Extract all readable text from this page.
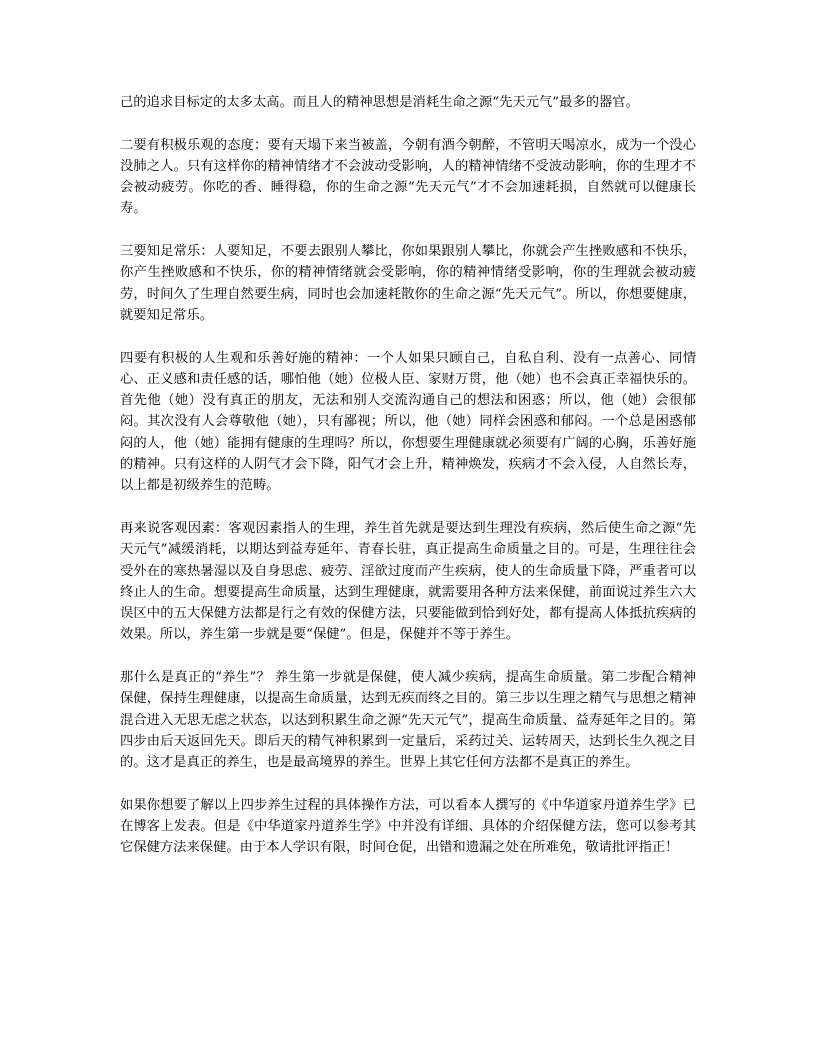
己的追求目标定的太多太高。而且人的精神思想是消耗生命之源“先天元气”最多的器官。

二要有积极乐观的态度：要有天塌下来当被盖，今朝有酒今朝醉，不管明天喝凉水，成为一个没心没肺之人。只有这样你的精神情绪才不会波动受影响，人的精神情绪不受波动影响，你的生理才不会被动疲劳。你吃的香、睡得稳，你的生命之源“先天元气”才不会加速耗损，自然就可以健康长寿。

三要知足常乐：人要知足，不要去跟别人攀比，你如果跟别人攀比，你就会产生挫败感和不快乐，你产生挫败感和不快乐，你的精神情绪就会受影响，你的精神情绪受影响，你的生理就会被动疲劳，时间久了生理自然要生病，同时也会加速耗散你的生命之源“先天元气”。所以，你想要健康，就要知足常乐。

四要有积极的人生观和乐善好施的精神：一个人如果只顾自己，自私自利、没有一点善心、同情心、正义感和责任感的话，哪怕他（她）位极人臣、家财万贯，他（她）也不会真正幸福快乐的。首先他（她）没有真正的朋友，无法和别人交流沟通自己的想法和困惑；所以，他（她）会很郁闷。其次没有人会尊敬他（她），只有鄙视；所以，他（她）同样会困惑和郁闷。一个总是困惑郁闷的人，他（她）能拥有健康的生理吗？所以，你想要生理健康就必须要有广阔的心胸，乐善好施的精神。只有这样的人阴气才会下降，阳气才会上升，精神焕发，疾病才不会入侵，人自然长寿，以上都是初级养生的范畴。

再来说客观因素：客观因素指人的生理，养生首先就是要达到生理没有疾病，然后使生命之源“先天元气”减缓消耗，以期达到益寿延年、青春长驻，真正提高生命质量之目的。可是，生理往往会受外在的寒热暑湿以及自身思虑、疲劳、淫欲过度而产生疾病，使人的生命质量下降，严重者可以终止人的生命。想要提高生命质量，达到生理健康，就需要用各种方法来保健，前面说过养生六大误区中的五大保健方法都是行之有效的保健方法，只要能做到恰到好处，都有提高人体抵抗疾病的效果。所以，养生第一步就是要“保健”。但是，保健并不等于养生。

那什么是真正的“养生”？ 养生第一步就是保健，使人减少疾病，提高生命质量。第二步配合精神保健，保持生理健康，以提高生命质量，达到无疾而终之目的。第三步以生理之精气与思想之精神混合进入无思无虑之状态，以达到积累生命之源“先天元气”，提高生命质量、益寿延年之目的。第四步由后天返回先天。即后天的精气神积累到一定量后，采药过关、运转周天，达到长生久视之目的。这才是真正的养生，也是最高境界的养生。世界上其它任何方法都不是真正的养生。

如果你想要了解以上四步养生过程的具体操作方法，可以看本人撰写的《中华道家丹道养生学》已在博客上发表。但是《中华道家丹道养生学》中并没有详细、具体的介绍保健方法，您可以参考其它保健方法来保健。由于本人学识有限，时间仓促，出错和遗漏之处在所难免，敬请批评指正！
